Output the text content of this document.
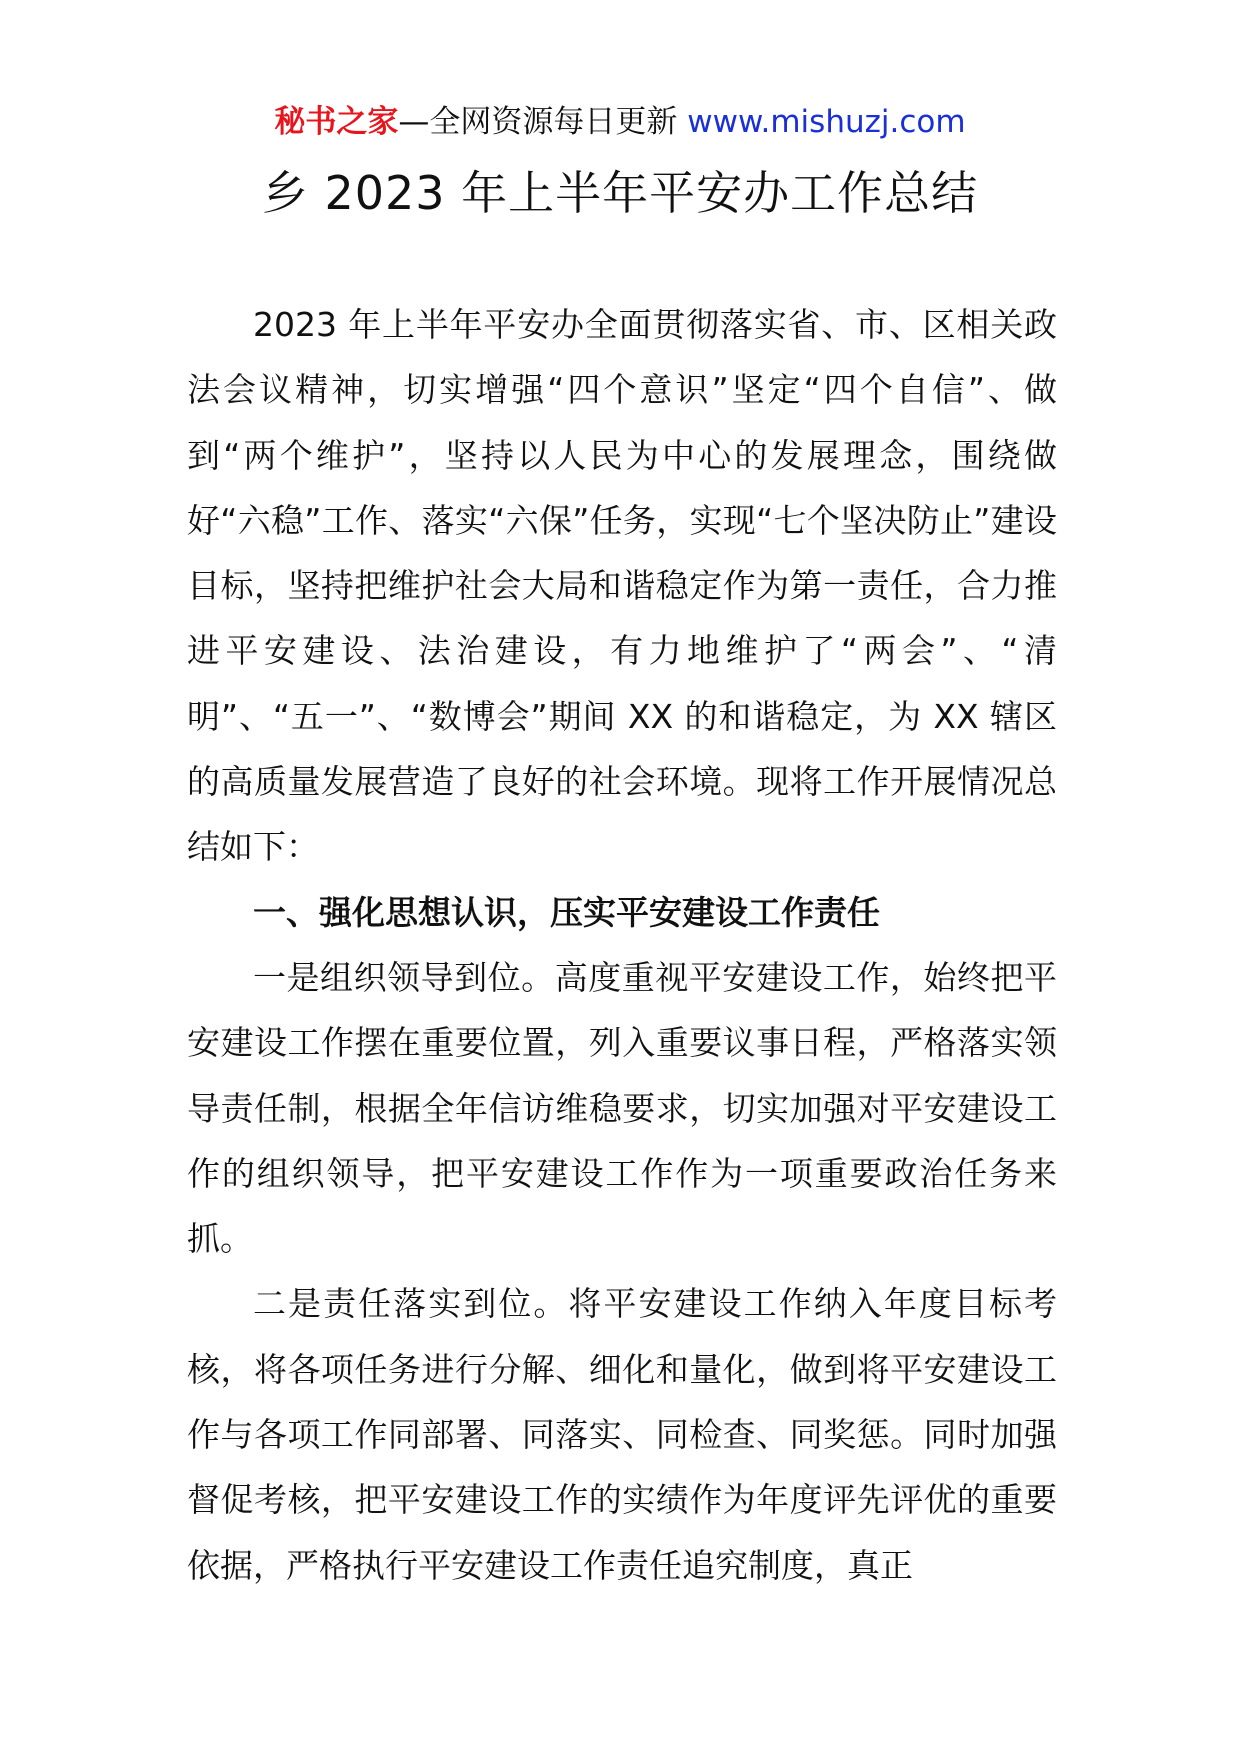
秘书之家—全网资源每日更新 www.mishuzj.com
乡 2023 年上半年平安办工作总结

2023 年上半年平安办全面贯彻落实省、市、区相关政法会议精神，切实增强“四个意识”坚定“四个自信”、做到“两个维护”，坚持以人民为中心的发展理念，围绕做好“六稳”工作、落实“六保”任务，实现“七个坚决防止”建设目标，坚持把维护社会大局和谐稳定作为第一责任，合力推进平安建设、法治建设，有力地维护了“两会”、“清明”、“五一”、“数博会”期间 XX 的和谐稳定，为 XX 辖区的高质量发展营造了良好的社会环境。现将工作开展情况总结如下：

一、强化思想认识，压实平安建设工作责任

一是组织领导到位。高度重视平安建设工作，始终把平安建设工作摆在重要位置，列入重要议事日程，严格落实领导责任制，根据全年信访维稳要求，切实加强对平安建设工作的组织领导，把平安建设工作作为一项重要政治任务来抓。

二是责任落实到位。将平安建设工作纳入年度目标考核，将各项任务进行分解、细化和量化，做到将平安建设工作与各项工作同部署、同落实、同检查、同奖惩。同时加强督促考核，把平安建设工作的实绩作为年度评先评优的重要依据，严格执行平安建设工作责任追究制度，真正
